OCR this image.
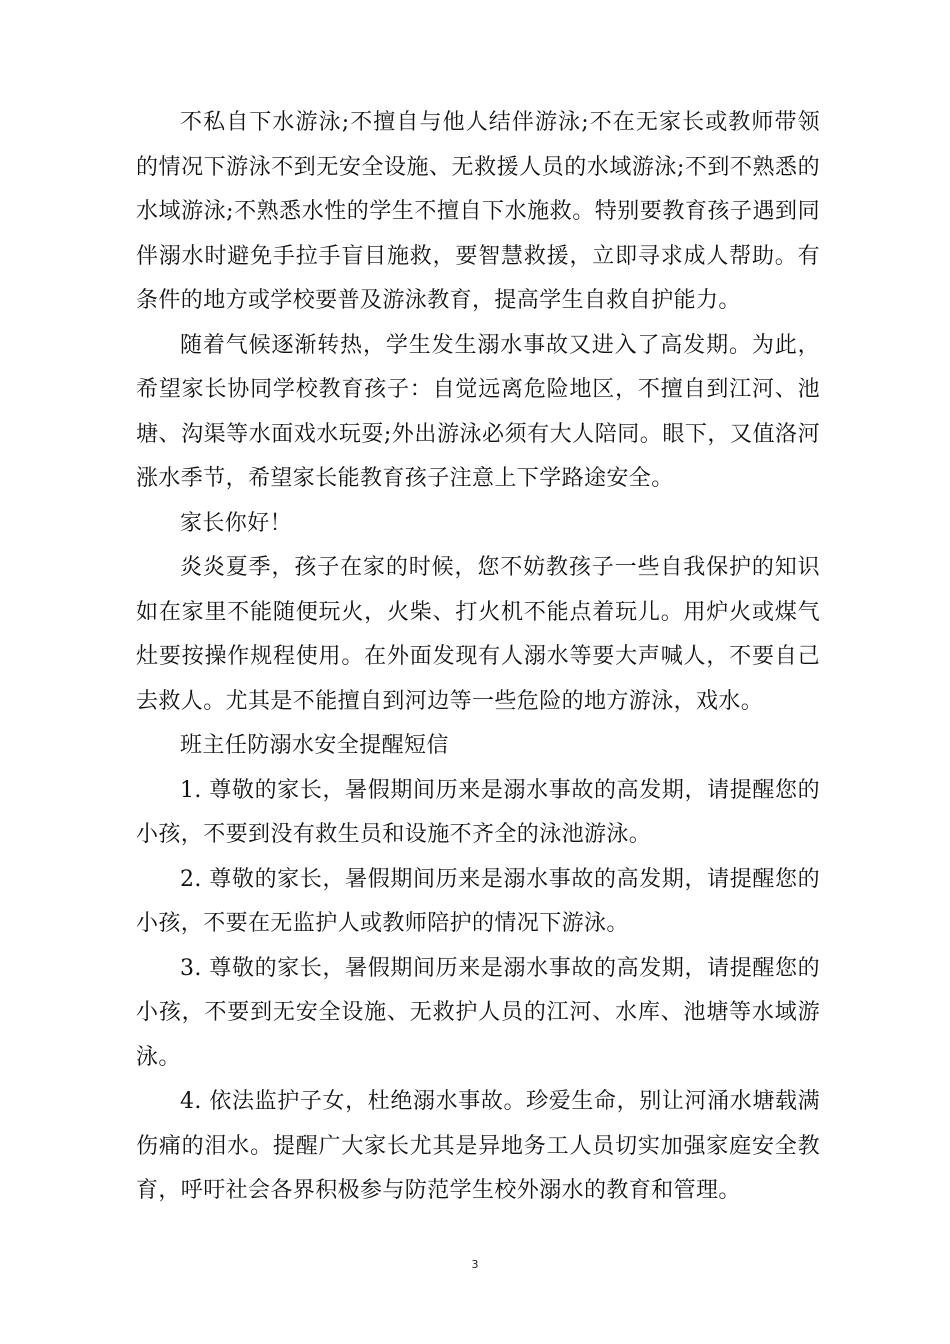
不私自下水游泳;不擅自与他人结伴游泳;不在无家长或教师带领的情况下游泳不到无安全设施、无救援人员的水域游泳;不到不熟悉的水域游泳;不熟悉水性的学生不擅自下水施救。特别要教育孩子遇到同伴溺水时避免手拉手盲目施救，要智慧救援，立即寻求成人帮助。有条件的地方或学校要普及游泳教育，提高学生自救自护能力。

随着气候逐渐转热，学生发生溺水事故又进入了高发期。为此，希望家长协同学校教育孩子：自觉远离危险地区，不擅自到江河、池塘、沟渠等水面戏水玩耍;外出游泳必须有大人陪同。眼下，又值洛河涨水季节，希望家长能教育孩子注意上下学路途安全。

家长你好！

炎炎夏季，孩子在家的时候，您不妨教孩子一些自我保护的知识如在家里不能随便玩火，火柴、打火机不能点着玩儿。用炉火或煤气灶要按操作规程使用。在外面发现有人溺水等要大声喊人，不要自己去救人。尤其是不能擅自到河边等一些危险的地方游泳，戏水。

班主任防溺水安全提醒短信

1. 尊敬的家长，暑假期间历来是溺水事故的高发期，请提醒您的小孩，不要到没有救生员和设施不齐全的泳池游泳。

2. 尊敬的家长，暑假期间历来是溺水事故的高发期，请提醒您的小孩，不要在无监护人或教师陪护的情况下游泳。

3. 尊敬的家长，暑假期间历来是溺水事故的高发期，请提醒您的小孩，不要到无安全设施、无救护人员的江河、水库、池塘等水域游泳。

4. 依法监护子女，杜绝溺水事故。珍爱生命，别让河涌水塘载满伤痛的泪水。提醒广大家长尤其是异地务工人员切实加强家庭安全教育，呼吁社会各界积极参与防范学生校外溺水的教育和管理。

3
